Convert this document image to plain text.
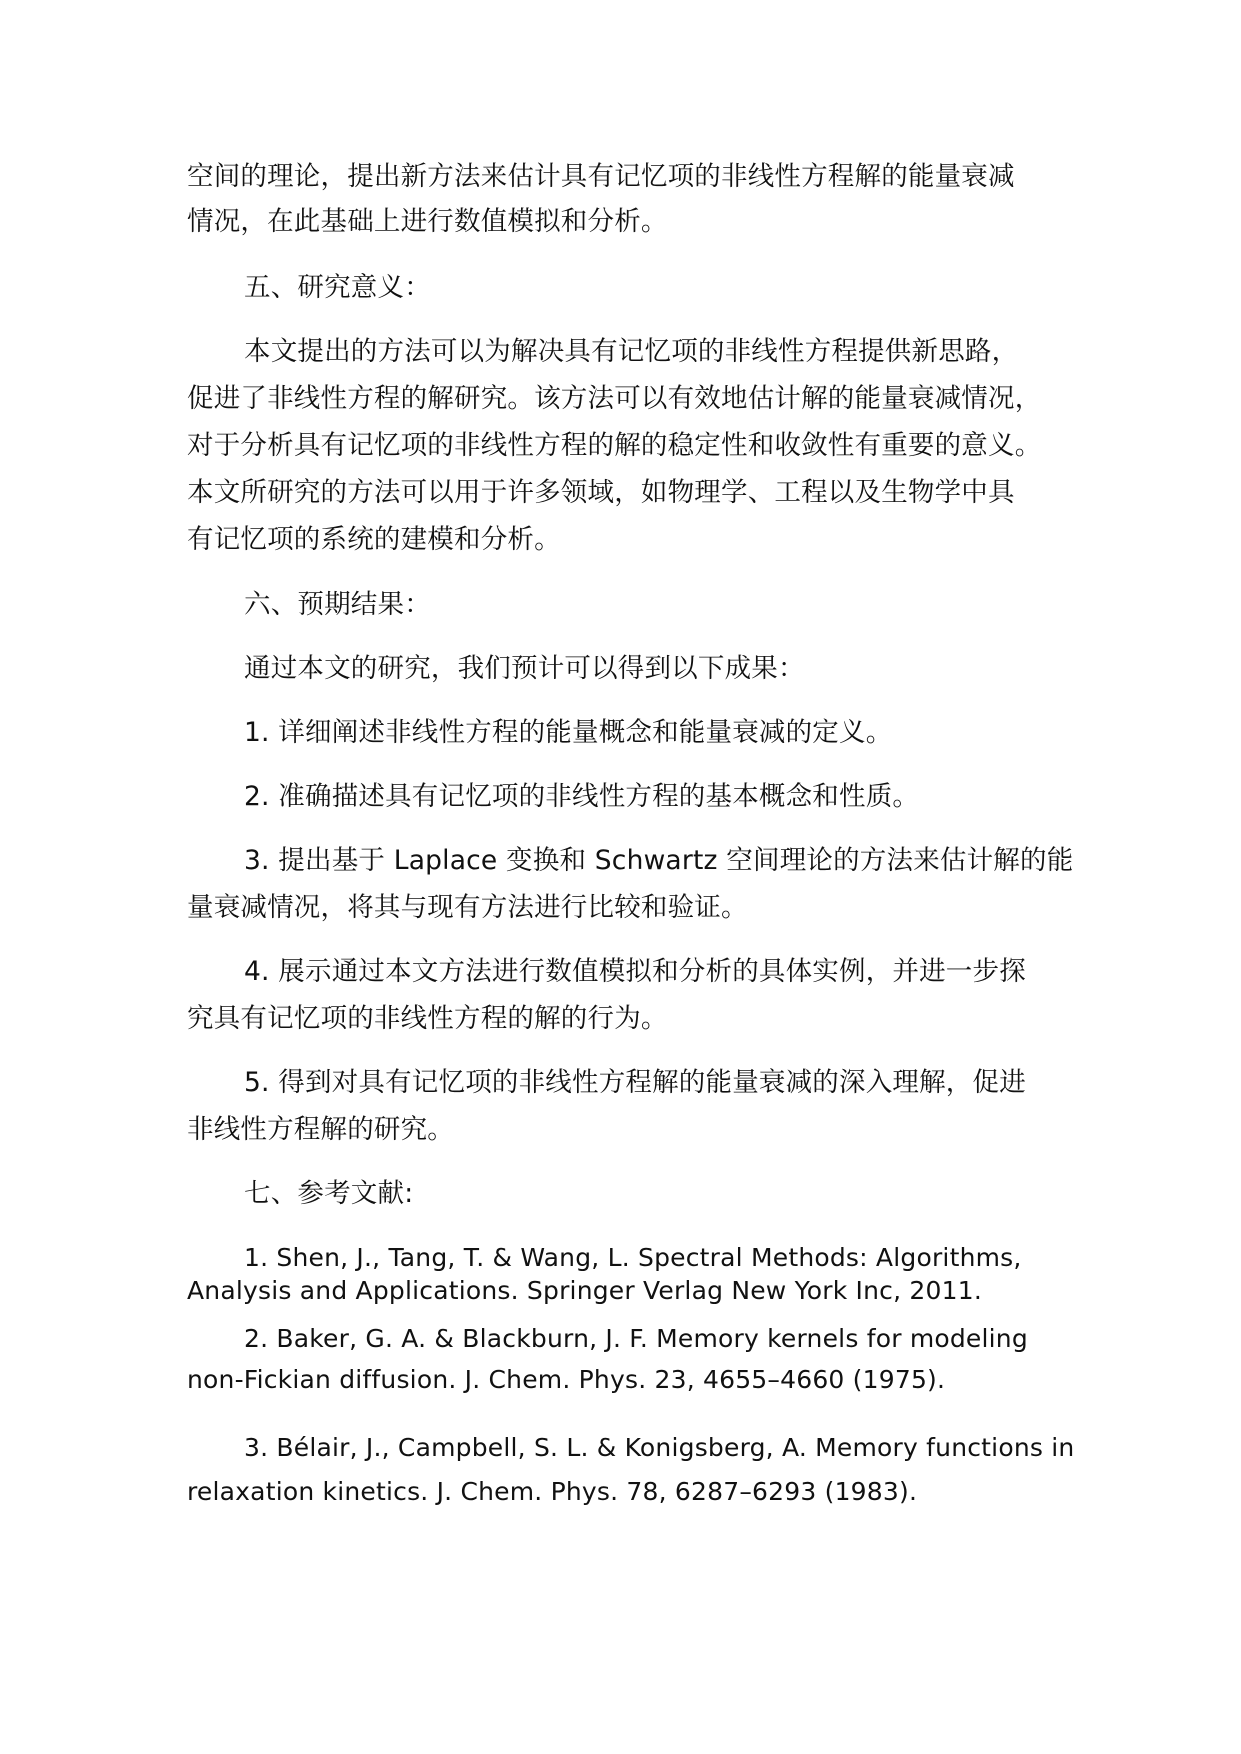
空间的理论，提出新方法来估计具有记忆项的非线性方程解的能量衰减

情况，在此基础上进行数值模拟和分析。

五、研究意义：

本文提出的方法可以为解决具有记忆项的非线性方程提供新思路，

促进了非线性方程的解研究。该方法可以有效地估计解的能量衰减情况，

对于分析具有记忆项的非线性方程的解的稳定性和收敛性有重要的意义。

本文所研究的方法可以用于许多领域，如物理学、工程以及生物学中具

有记忆项的系统的建模和分析。

六、预期结果：

通过本文的研究，我们预计可以得到以下成果：

1. 详细阐述非线性方程的能量概念和能量衰减的定义。

2. 准确描述具有记忆项的非线性方程的基本概念和性质。

3. 提出基于 Laplace 变换和 Schwartz 空间理论的方法来估计解的能

量衰减情况，将其与现有方法进行比较和验证。

4. 展示通过本文方法进行数值模拟和分析的具体实例，并进一步探

究具有记忆项的非线性方程的解的行为。

5. 得到对具有记忆项的非线性方程解的能量衰减的深入理解，促进

非线性方程解的研究。

七、参考文献:

1. Shen, J., Tang, T. & Wang, L. Spectral Methods: Algorithms,

Analysis and Applications. Springer Verlag New York Inc, 2011.

2. Baker, G. A. & Blackburn, J. F. Memory kernels for modeling

non-Fickian diffusion. J. Chem. Phys. 23, 4655–4660 (1975).

3. Bélair, J., Campbell, S. L. & Konigsberg, A. Memory functions in

relaxation kinetics. J. Chem. Phys. 78, 6287–6293 (1983).
